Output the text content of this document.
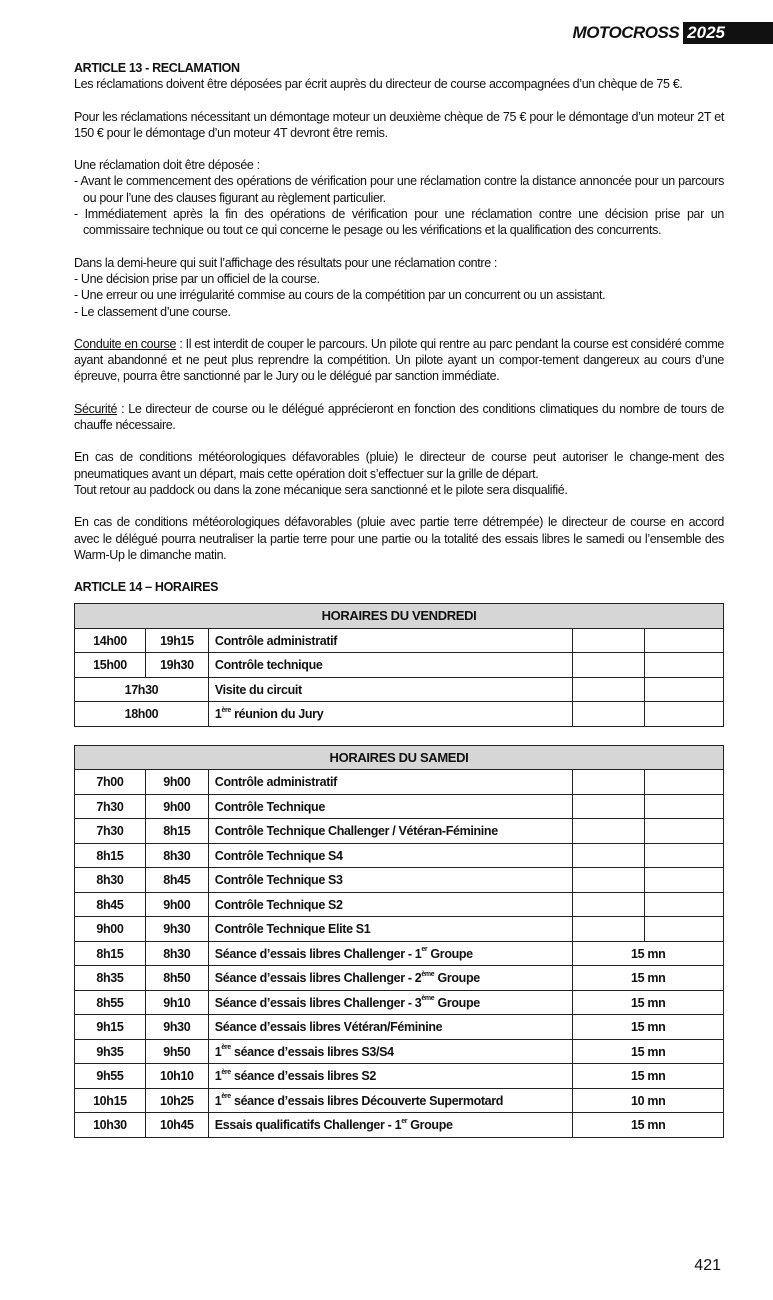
MOTOCROSS 2025

ARTICLE 13 - RECLAMATION

Les réclamations doivent être déposées par écrit auprès du directeur de course accompagnées d’un chèque de 75 €.

Pour les réclamations nécessitant un démontage moteur un deuxième chèque de 75 € pour le démontage d’un moteur 2T et 150 € pour le démontage d’un moteur 4T devront être remis.

Une réclamation doit être déposée :

- Avant le commencement des opérations de vérification pour une réclamation contre la distance annoncée pour un parcours ou pour l’une des clauses figurant au règlement particulier.

- Immédiatement après la fin des opérations de vérification pour une réclamation contre une décision prise par un commissaire technique ou tout ce qui concerne le pesage ou les vérifications et la qualification des concurrents.

Dans la demi-heure qui suit l’affichage des résultats pour une réclamation contre :

- Une décision prise par un officiel de la course.

- Une erreur ou une irrégularité commise au cours de la compétition par un concurrent ou un assistant.

- Le classement d’une course.

Conduite en course : Il est interdit de couper le parcours. Un pilote qui rentre au parc pendant la course est considéré comme ayant abandonné et ne peut plus reprendre la compétition. Un pilote ayant un compor-tement dangereux au cours d’une épreuve, pourra être sanctionné par le Jury ou le délégué par sanction immédiate.

Sécurité : Le directeur de course ou le délégué apprécieront en fonction des conditions climatiques du nombre de tours de chauffe nécessaire.

En cas de conditions météorologiques défavorables (pluie) le directeur de course peut autoriser le change-ment des pneumatiques avant un départ, mais cette opération doit s’effectuer sur la grille de départ.

Tout retour au paddock ou dans la zone mécanique sera sanctionné et le pilote sera disqualifié.

En cas de conditions météorologiques défavorables (pluie avec partie terre détrempée) le directeur de course en accord avec le délégué pourra neutraliser la partie terre pour une partie ou la totalité des essais libres le samedi ou l’ensemble des Warm-Up le dimanche matin.

ARTICLE 14 – HORAIRES

HORAIRES DU VENDREDI				
14h00	19h15	Contrôle administratif		
15h00	19h30	Contrôle technique		
17h30		Visite du circuit		
18h00		1ère réunion du Jury		
HORAIRES DU SAMEDI				
7h00	9h00	Contrôle administratif		
7h30	9h00	Contrôle Technique		
7h30	8h15	Contrôle Technique Challenger / Vétéran-Féminine		
8h15	8h30	Contrôle Technique S4		
8h30	8h45	Contrôle Technique S3		
8h45	9h00	Contrôle Technique S2		
9h00	9h30	Contrôle Technique Elite S1		
8h15	8h30	Séance d’essais libres Challenger - 1er Groupe	15 mn	
8h35	8h50	Séance d’essais libres Challenger - 2ème Groupe	15 mn	
8h55	9h10	Séance d’essais libres Challenger - 3ème Groupe	15 mn	
9h15	9h30	Séance d’essais libres Vétéran/Féminine	15 mn	
9h35	9h50	1ère séance d’essais libres S3/S4	15 mn	
9h55	10h10	1ère séance d’essais libres S2	15 mn	
10h15	10h25	1ère séance d’essais libres Découverte Supermotard	10 mn	
10h30	10h45	Essais qualificatifs Challenger - 1er Groupe	15 mn	
421
